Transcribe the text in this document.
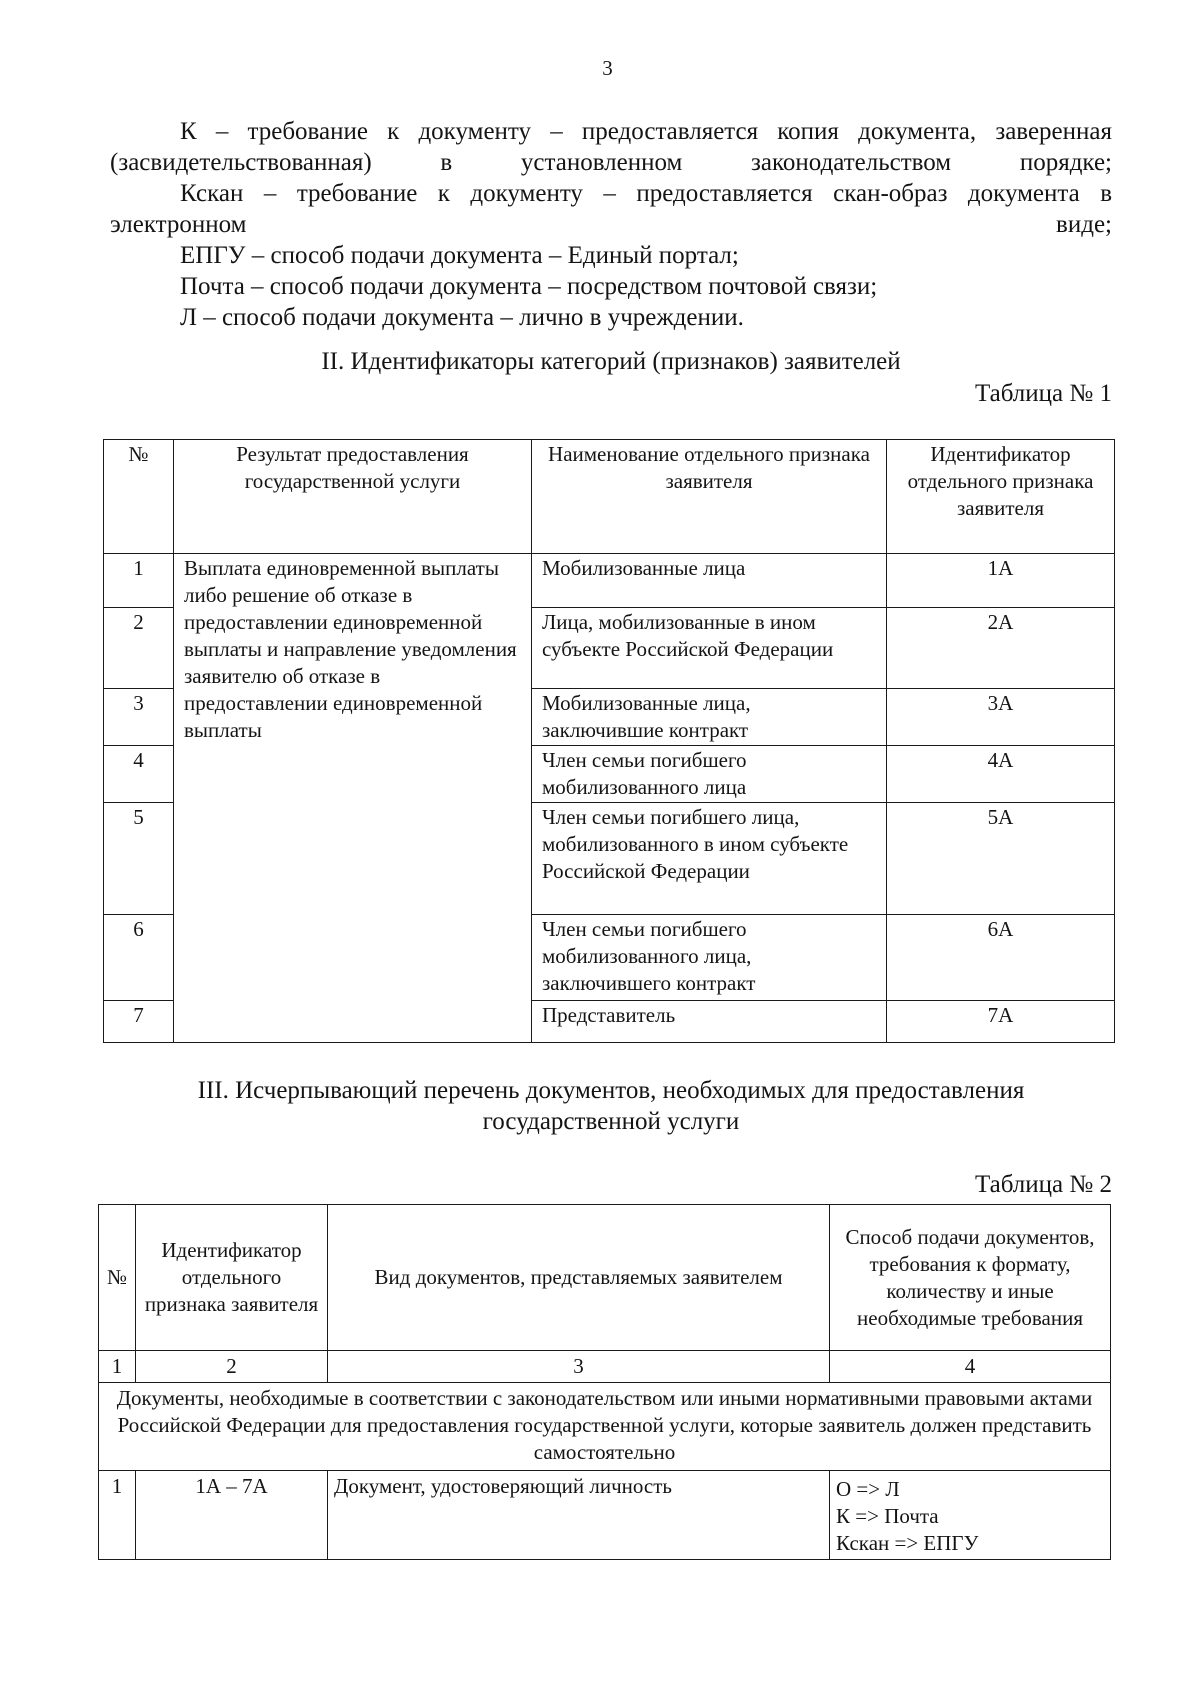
3

К – требование к документу – предоставляется копия документа, заверенная (засвидетельствованная) в установленном законодательством порядке;

Кскан – требование к документу – предоставляется скан-образ документа в электронном виде;

ЕПГУ – способ подачи документа – Единый портал;

Почта – способ подачи документа – посредством почтовой связи;

Л – способ подачи документа – лично в учреждении.

II. Идентификаторы категорий (признаков) заявителей
Таблица № 1
№	Результат предоставления государственной услуги	Наименование отдельного признака заявителя	Идентификатор отдельного признака заявителя
1	Выплата единовременной выплаты либо решение об отказе в предоставлении единовременной выплаты и направление уведомления заявителю об отказе в предоставлении единовременной выплаты	Мобилизованные лица	1А
2		Лица, мобилизованные в ином субъекте Российской Федерации	2А
3		Мобилизованные лица, заключившие контракт	3А
4		Член семьи погибшего мобилизованного лица	4А
5		Член семьи погибшего лица, мобилизованного в ином субъекте Российской Федерации	5А
6		Член семьи погибшего мобилизованного лица, заключившего контракт	6А
7		Представитель	7А
III. Исчерпывающий перечень документов, необходимых для предоставления государственной услуги
Таблица № 2
№	Идентификатор отдельного признака заявителя	Вид документов, представляемых заявителем	Способ подачи документов, требования к формату, количеству и иные необходимые требования
1	2	3	4
Документы, необходимые в соответствии с законодательством или иными нормативными правовыми актами Российской Федерации для предоставления государственной услуги, которые заявитель должен представить самостоятельно			
1	1А – 7А	Документ, удостоверяющий личность	О => Л
К => Почта
Кскан => ЕПГУ
